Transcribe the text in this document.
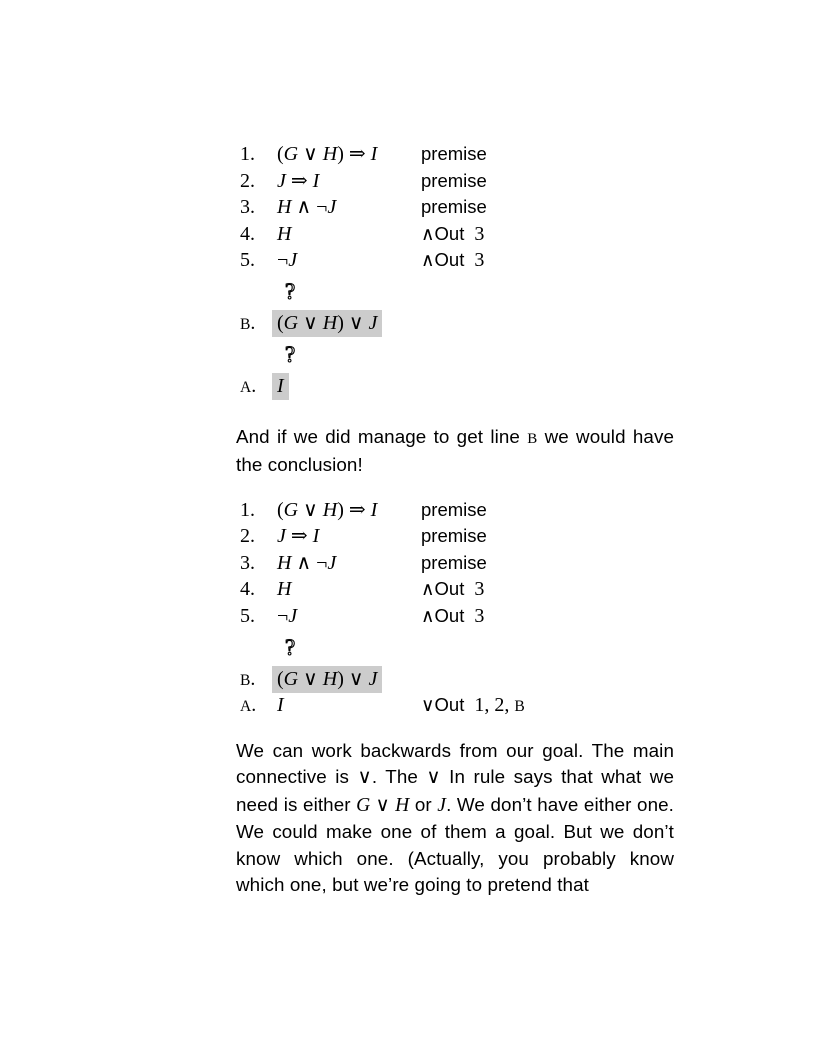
1.	(G ∨ H) ⇒ I	premise
2.	J ⇒ I	premise
3.	H ∧ ¬J	premise
4.	H	∧Out 3
5.	¬J	∧Out 3
?
B.	(G ∨ H) ∨ J
?
A.	I

And if we did manage to get line B we would have the conclusion!

1.	(G ∨ H) ⇒ I	premise
2.	J ⇒ I	premise
3.	H ∧ ¬J	premise
4.	H	∧Out 3
5.	¬J	∧Out 3
?
B.	(G ∨ H) ∨ J
A.	I	∨Out 1, 2, B

We can work backwards from our goal. The main connective is ∨. The ∨ In rule says that what we need is either G ∨ H or J. We don’t have either one. We could make one of them a goal. But we don’t know which one. (Actually, you probably know which one, but we’re going to pretend that
